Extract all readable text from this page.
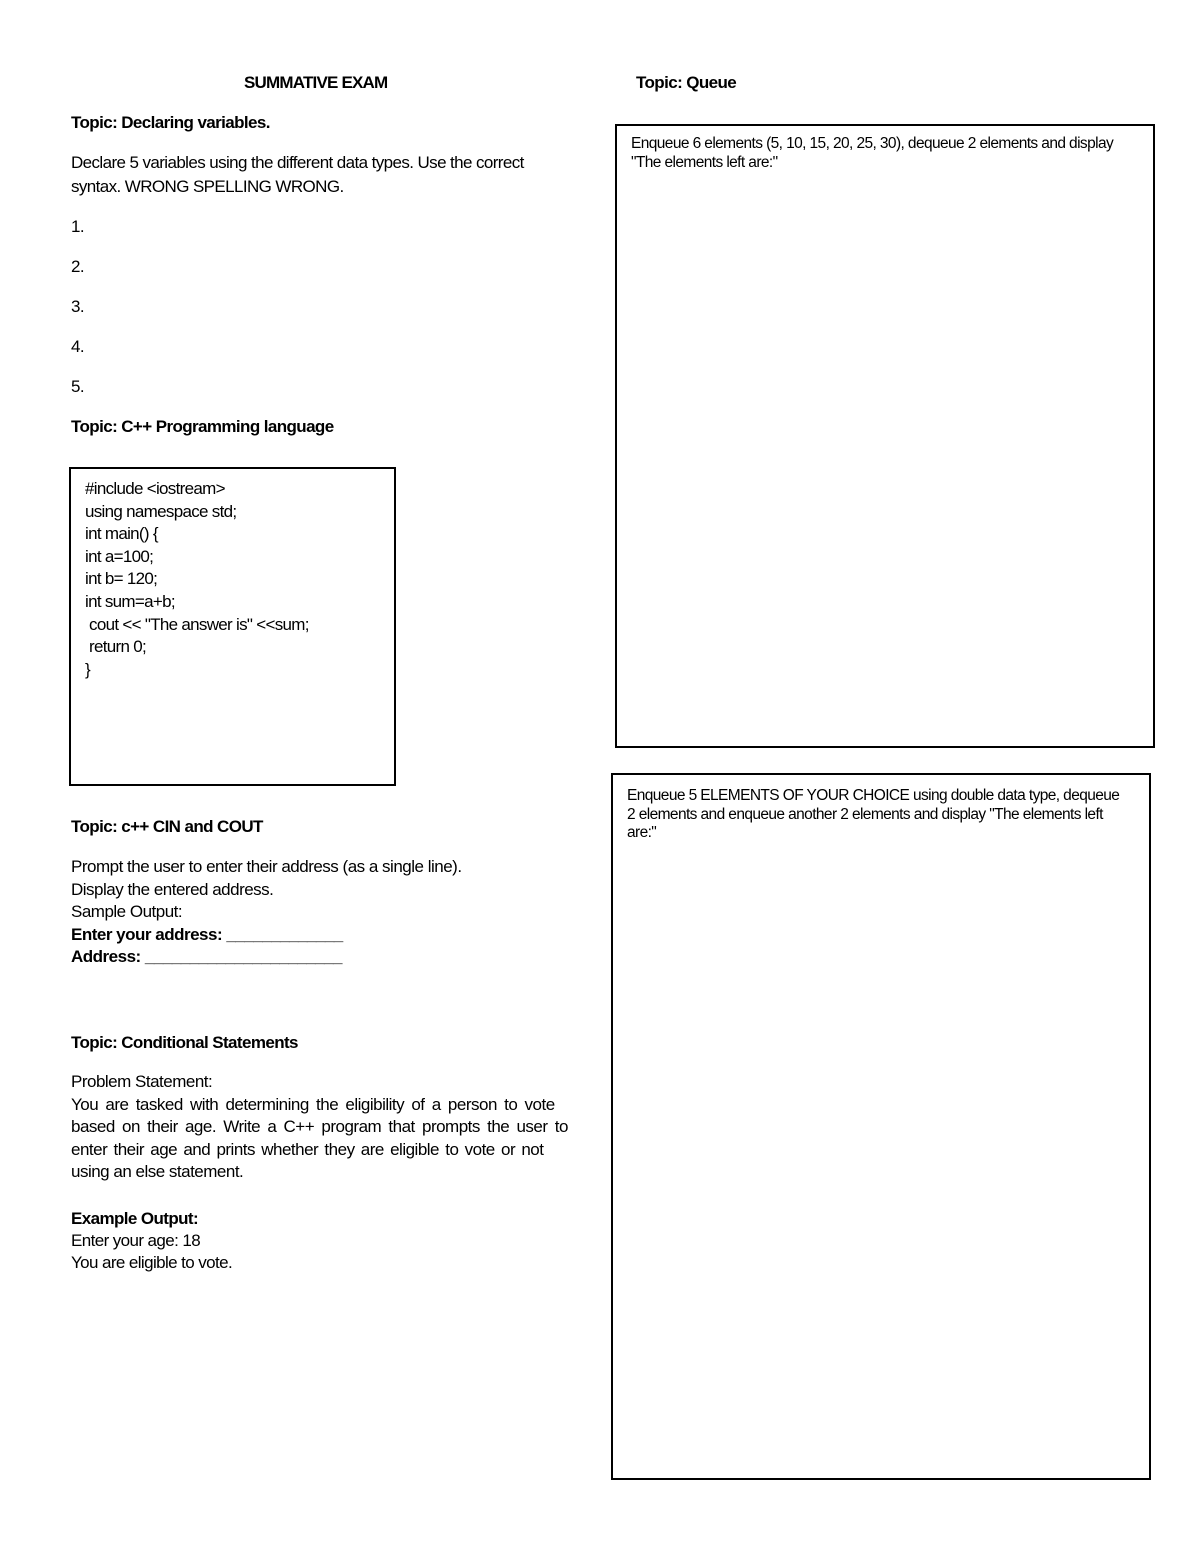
SUMMATIVE EXAM
Topic: Declaring variables.
Declare 5 variables using the different data types. Use the correct
syntax. WRONG SPELLING WRONG.
1.
2.
3.
4.
5.
Topic: C++ Programming language
#include <iostream>
using namespace std;
int main() {
int a=100;
int b= 120;
int sum=a+b;
cout << "The answer is" <<sum;
return 0;
}
Topic: c++ CIN and COUT
Prompt the user to enter their address (as a single line).
Display the entered address.
Sample Output:
Enter your address: _____________
Address: ______________________
Topic: Conditional Statements
Problem Statement:
You are tasked with determining the eligibility of a person to vote
based on their age. Write a C++ program that prompts the user to
enter their age and prints whether they are eligible to vote or not
using an else statement.
Example Output:
Enter your age: 18
You are eligible to vote.
Topic: Queue
Enqueue 6 elements (5, 10, 15, 20, 25, 30), dequeue 2 elements and display
"The elements left are:"
Enqueue 5 ELEMENTS OF YOUR CHOICE using double data type, dequeue
2 elements and enqueue another 2 elements and display "The elements left
are:"
